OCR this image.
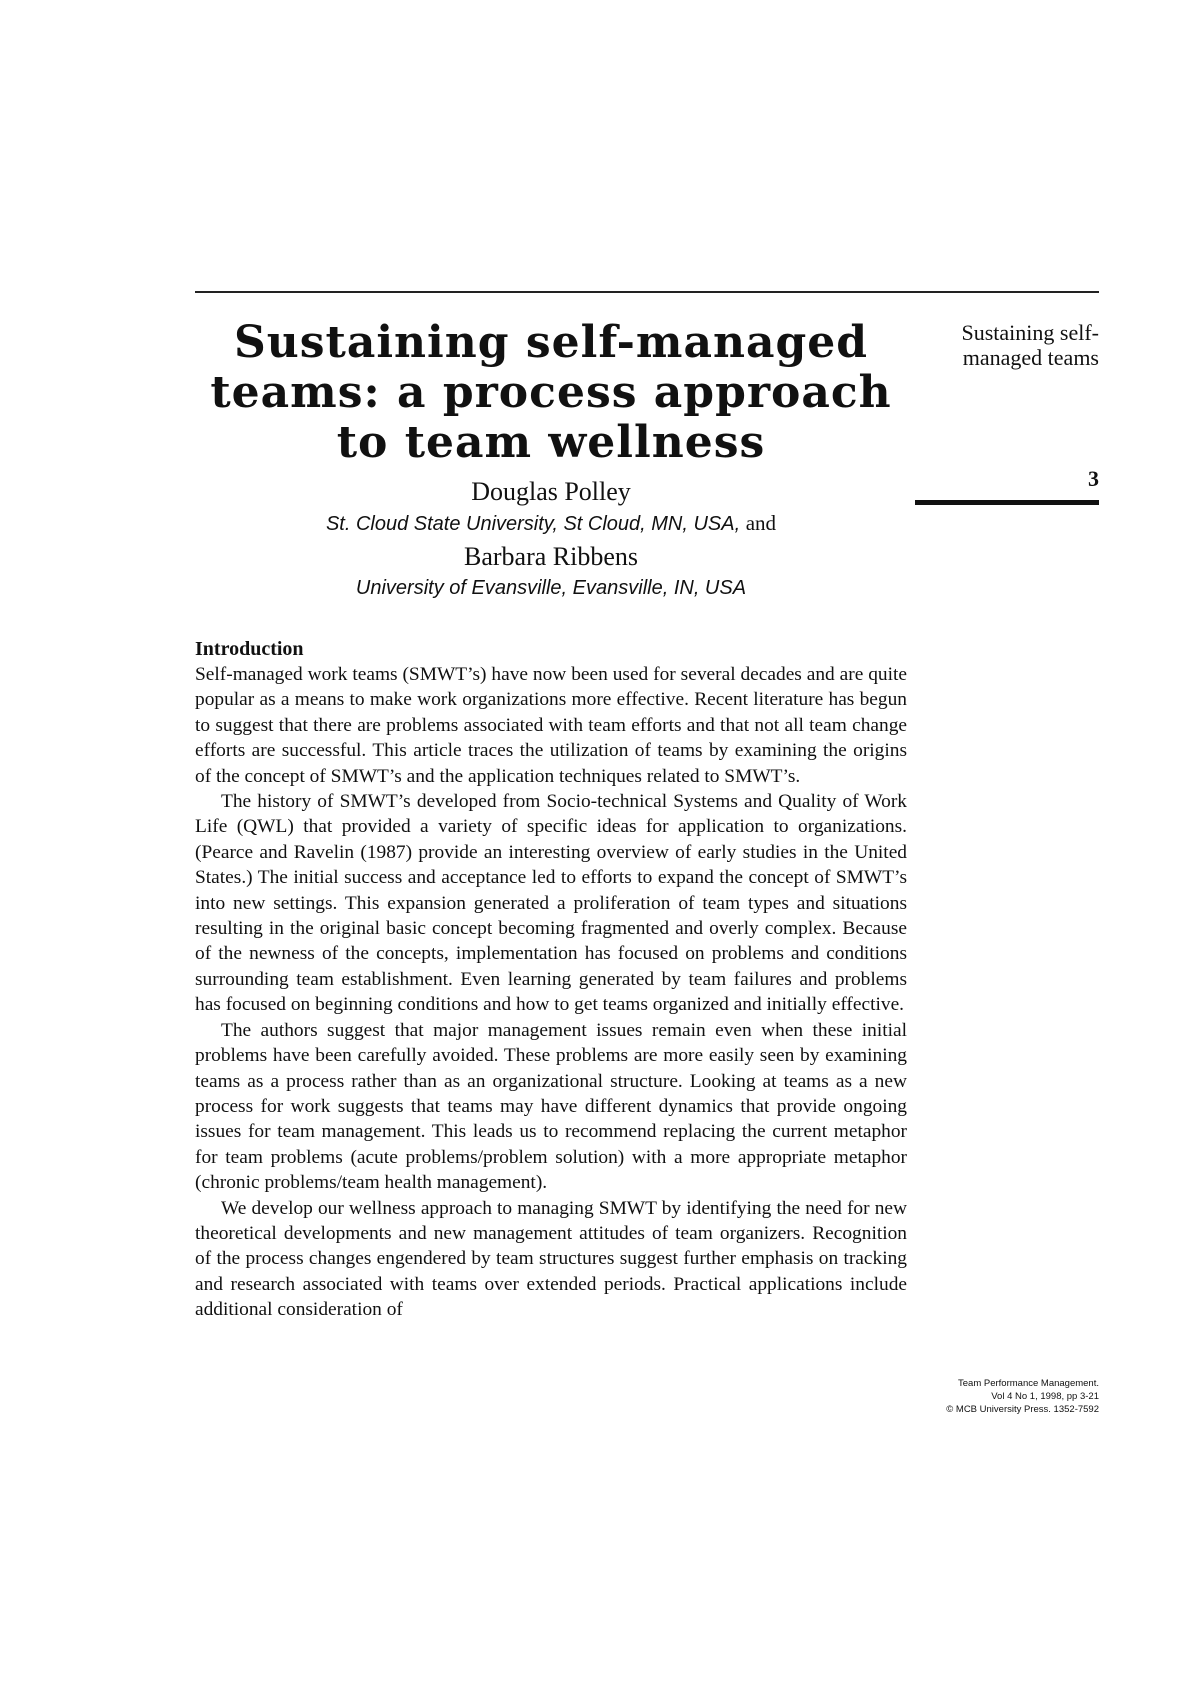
Sustaining self-managed teams: a process approach to team wellness

Douglas Polley

St. Cloud State University, St Cloud, MN, USA, and

Barbara Ribbens

University of Evansville, Evansville, IN, USA

Introduction

Self-managed work teams (SMWT’s) have now been used for several decades and are quite popular as a means to make work organizations more effective. Recent literature has begun to suggest that there are problems associated with team efforts and that not all team change efforts are successful. This article traces the utilization of teams by examining the origins of the concept of SMWT’s and the application techniques related to SMWT’s.

The history of SMWT’s developed from Socio-technical Systems and Quality of Work Life (QWL) that provided a variety of specific ideas for application to organizations. (Pearce and Ravelin (1987) provide an interesting overview of early studies in the United States.) The initial success and acceptance led to efforts to expand the concept of SMWT’s into new settings. This expansion generated a proliferation of team types and situations resulting in the original basic concept becoming fragmented and overly complex. Because of the newness of the concepts, implementation has focused on problems and conditions surrounding team establishment. Even learning generated by team failures and problems has focused on beginning conditions and how to get teams organized and initially effective.

The authors suggest that major management issues remain even when these initial problems have been carefully avoided. These problems are more easily seen by examining teams as a process rather than as an organizational structure. Looking at teams as a new process for work suggests that teams may have different dynamics that provide ongoing issues for team management. This leads us to recommend replacing the current metaphor for team problems (acute problems/problem solution) with a more appropriate metaphor (chronic problems/team health management).

We develop our wellness approach to managing SMWT by identifying the need for new theoretical developments and new management attitudes of team organizers. Recognition of the process changes engendered by team structures suggest further emphasis on tracking and research associated with teams over extended periods. Practical applications include additional consideration of

Sustaining self-managed teams
3
Team Performance Management.
Vol 4 No 1, 1998, pp 3-21
© MCB University Press. 1352-7592
